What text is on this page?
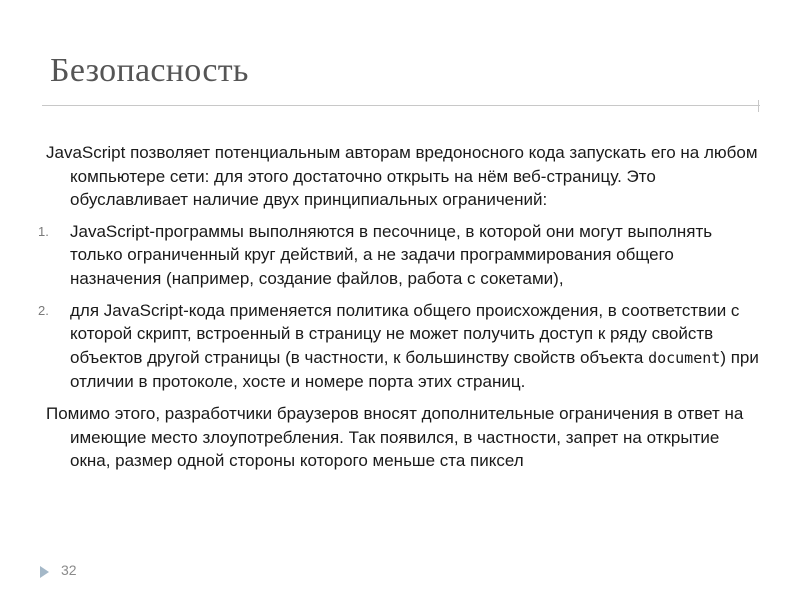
Безопасность

JavaScript позволяет потенциальным авторам вредоносного кода запускать его на любом компьютере сети: для этого достаточно открыть на нём веб-страницу. Это обуславливает наличие двух принципиальных ограничений:

1. JavaScript-программы выполняются в песочнице, в которой они могут выполнять только ограниченный круг действий, а не задачи программирования общего назначения (например, создание файлов, работа с сокетами),
2. для JavaScript-кода применяется политика общего происхождения, в соответствии с которой скрипт, встроенный в страницу не может получить доступ к ряду свойств объектов другой страницы (в частности, к большинству свойств объекта document) при отличии в протоколе, хосте и номере порта этих страниц.

Помимо этого, разработчики браузеров вносят дополнительные ограничения в ответ на имеющие место злоупотребления. Так появился, в частности, запрет на открытие окна, размер одной стороны которого меньше ста пиксел

32
